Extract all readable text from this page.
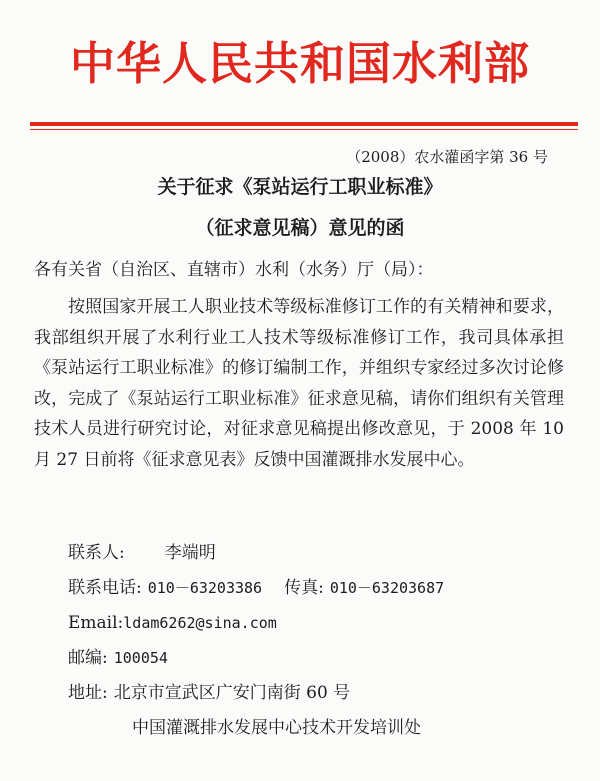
中华人民共和国水利部
（2008）农水灌函字第 36 号
关于征求《泵站运行工职业标准》
（征求意见稿）意见的函
各有关省（自治区、直辖市）水利（水务）厅（局）：
按照国家开展工人职业技术等级标准修订工作的有关精神和要求，我部组织开展了水利行业工人技术等级标准修订工作，我司具体承担《泵站运行工职业标准》的修订编制工作，并组织专家经过多次讨论修改，完成了《泵站运行工职业标准》征求意见稿，请你们组织有关管理技术人员进行研究讨论，对征求意见稿提出修改意见，于 2008 年 10 月 27 日前将《征求意见表》反馈中国灌溉排水发展中心。
联系人: 李端明
联系电话: 010－63203386 传真: 010－63203687
Email:ldam6262@sina.com
邮编: 100054
地址: 北京市宣武区广安门南街 60 号
中国灌溉排水发展中心技术开发培训处
